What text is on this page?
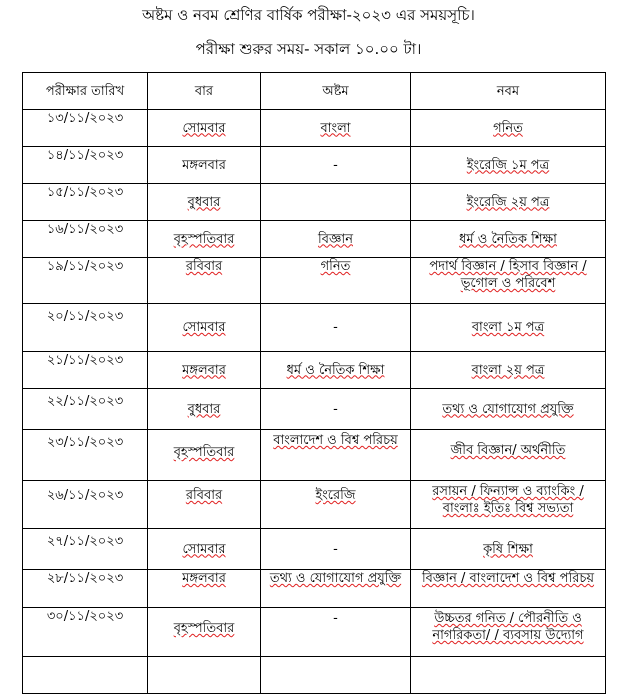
অষ্টম ও নবম শ্রেণির বার্ষিক পরীক্ষা-২০২৩ এর সময়সূচি।
পরীক্ষা শুরুর সময়- সকাল ১০.০০ টা।
পরীক্ষার তারিখ	বার	অষ্টম	নবম
১৩/১১/২০২৩	সোমবার	বাংলা	গনিত
১৪/১১/২০২৩	মঙ্গলবার	-	ইংরেজি ১ম পত্র
১৫/১১/২০২৩	বুধবার		ইংরেজি ২য় পত্র
১৬/১১/২০২৩	বৃহস্পতিবার	বিজ্ঞান	ধর্ম ও নৈতিক শিক্ষা
১৯/১১/২০২৩	রবিবার	গনিত	পদার্থ বিজ্ঞান / হিসাব বিজ্ঞান / ভূগোল ও পরিবেশ
২০/১১/২০২৩	সোমবার	-	বাংলা ১ম পত্র
২১/১১/২০২৩	মঙ্গলবার	ধর্ম ও নৈতিক শিক্ষা	বাংলা ২য় পত্র
২২/১১/২০২৩	বুধবার	-	তথ্য ও যোগাযোগ প্রযুক্তি
২৩/১১/২০২৩	বৃহস্পতিবার	বাংলাদেশ ও বিশ্ব পরিচয়	জীব বিজ্ঞান/ অর্থনীতি
২৬/১১/২০২৩	রবিবার	ইংরেজি	রসায়ন / ফিন্যান্স ও ব্যাংকিং /বাংলাঃ ইতিঃ বিশ্ব সভ্যতা
২৭/১১/২০২৩	সোমবার	-	কৃষি শিক্ষা
২৮/১১/২০২৩	মঙ্গলবার	তথ্য ও যোগাযোগ প্রযুক্তি	বিজ্ঞান / বাংলাদেশ ও বিশ্ব পরিচয়
৩০/১১/২০২৩	বৃহস্পতিবার	-	উচ্চতর গনিত / পৌরনীতি ও নাগরিকতা/ / ব্যবসায় উদ্যোগ
